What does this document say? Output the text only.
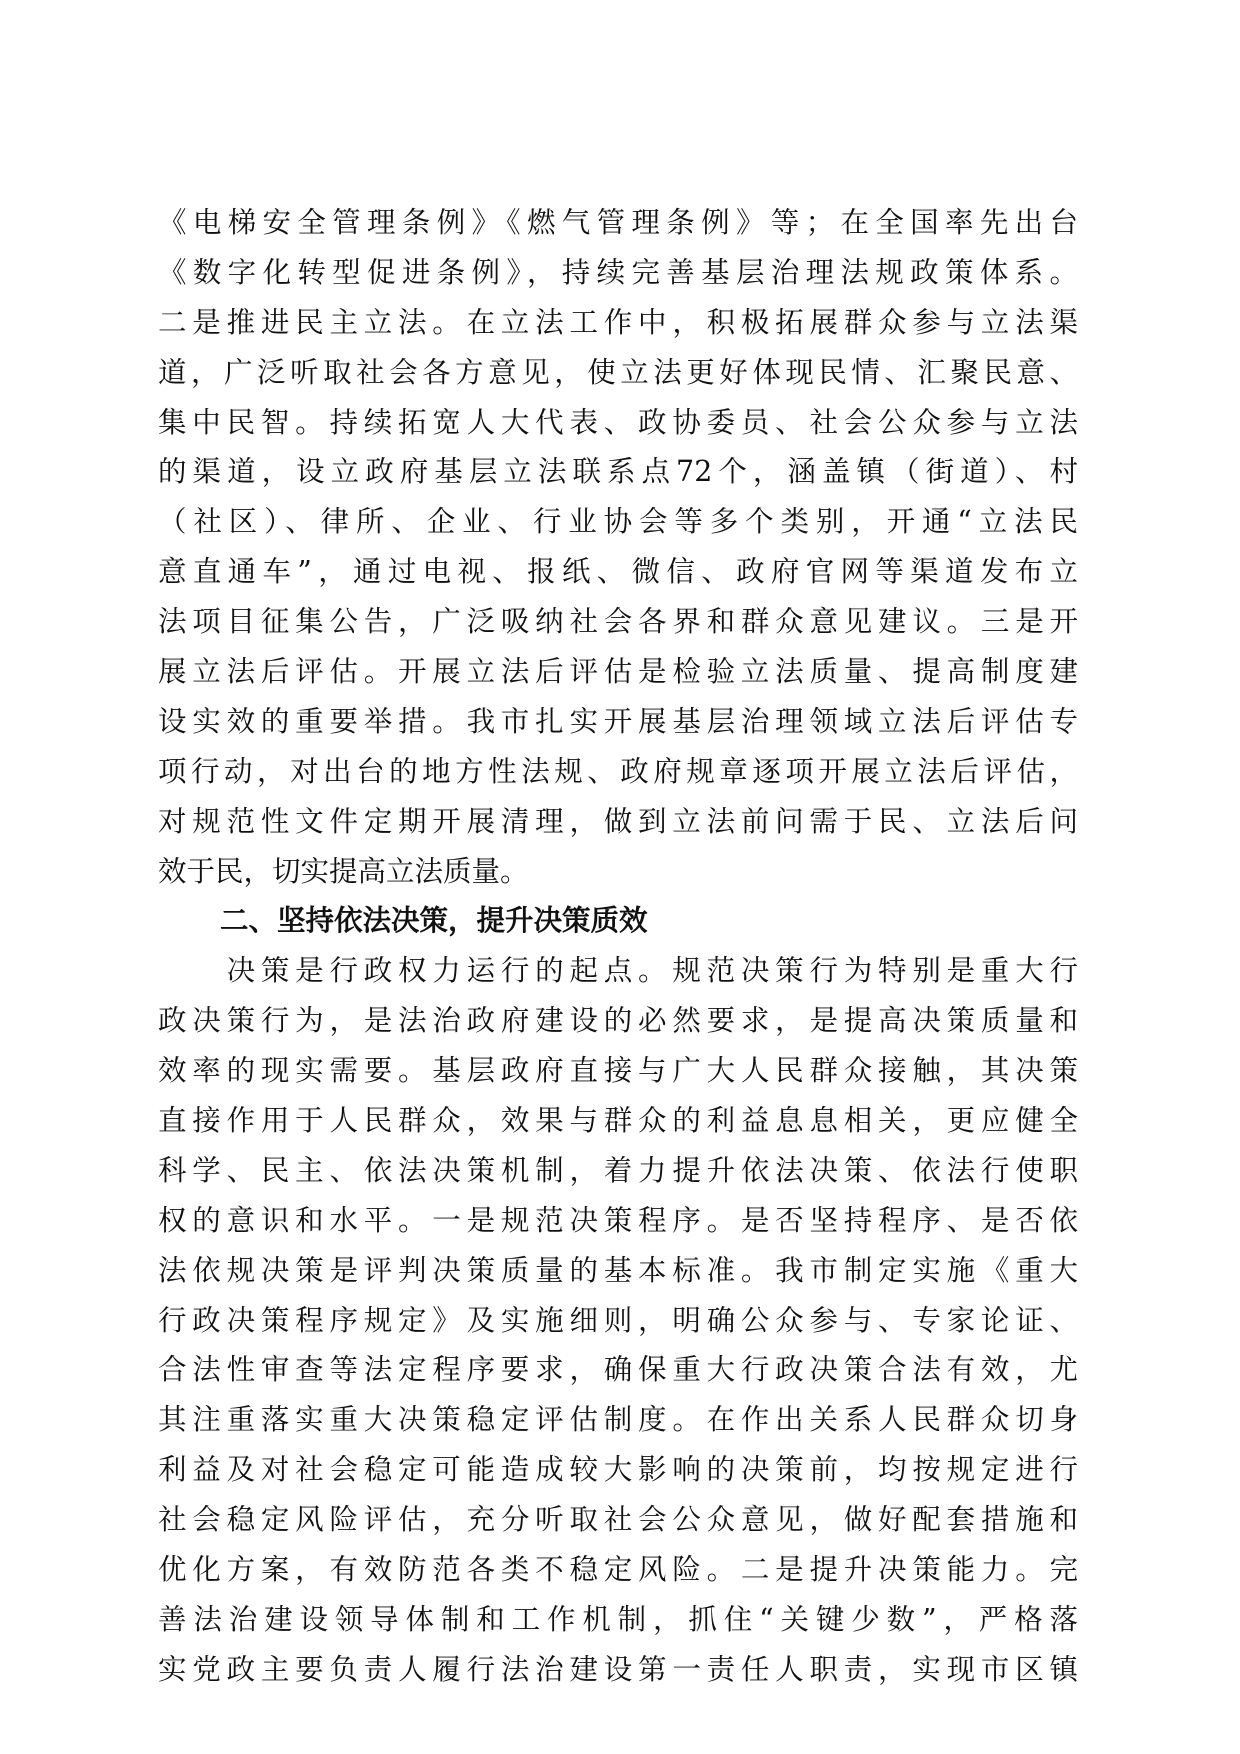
《电梯安全管理条例》《燃气管理条例》等；在全国率先出台
《数字化转型促进条例》，持续完善基层治理法规政策体系。
二是推进民主立法。在立法工作中，积极拓展群众参与立法渠
道，广泛听取社会各方意见，使立法更好体现民情、汇聚民意、
集中民智。持续拓宽人大代表、政协委员、社会公众参与立法
的渠道，设立政府基层立法联系点72个，涵盖镇（街道）、村
（社区）、律所、企业、行业协会等多个类别，开通“立法民
意直通车”，通过电视、报纸、微信、政府官网等渠道发布立
法项目征集公告，广泛吸纳社会各界和群众意见建议。三是开
展立法后评估。开展立法后评估是检验立法质量、提高制度建
设实效的重要举措。我市扎实开展基层治理领域立法后评估专
项行动，对出台的地方性法规、政府规章逐项开展立法后评估，
对规范性文件定期开展清理，做到立法前问需于民、立法后问
效于民，切实提高立法质量。
二、坚持依法决策，提升决策质效
　　决策是行政权力运行的起点。规范决策行为特别是重大行
政决策行为，是法治政府建设的必然要求，是提高决策质量和
效率的现实需要。基层政府直接与广大人民群众接触，其决策
直接作用于人民群众，效果与群众的利益息息相关，更应健全
科学、民主、依法决策机制，着力提升依法决策、依法行使职
权的意识和水平。一是规范决策程序。是否坚持程序、是否依
法依规决策是评判决策质量的基本标准。我市制定实施《重大
行政决策程序规定》及实施细则，明确公众参与、专家论证、
合法性审查等法定程序要求，确保重大行政决策合法有效，尤
其注重落实重大决策稳定评估制度。在作出关系人民群众切身
利益及对社会稳定可能造成较大影响的决策前，均按规定进行
社会稳定风险评估，充分听取社会公众意见，做好配套措施和
优化方案，有效防范各类不稳定风险。二是提升决策能力。完
善法治建设领导体制和工作机制，抓住“关键少数”，严格落
实党政主要负责人履行法治建设第一责任人职责，实现市区镇
